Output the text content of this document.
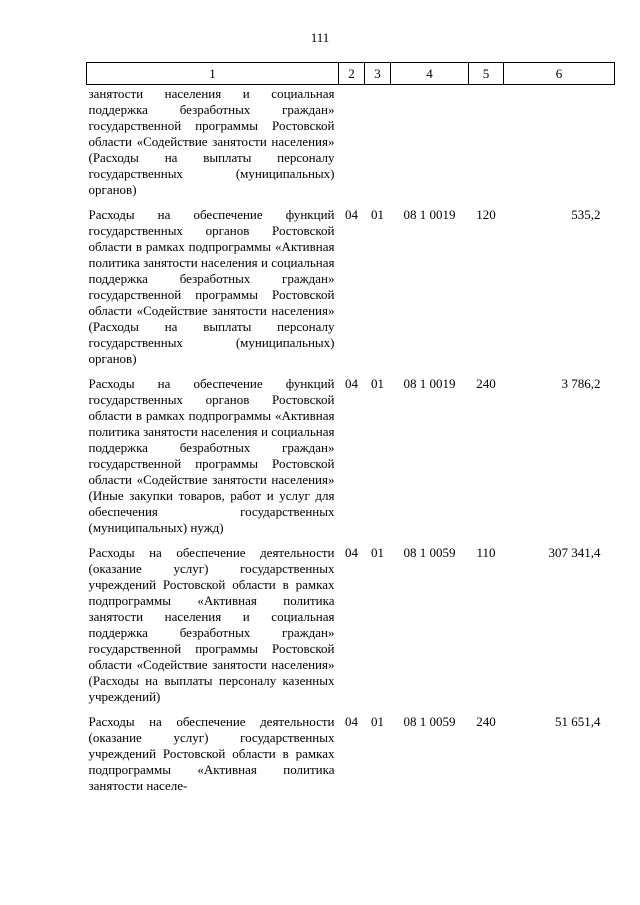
111
1	2	3	4	5	6
занятости населения и социальная поддержка безработных граждан» государственной программы Ростовской области «Содействие занятости населения» (Расходы на выплаты персоналу государственных (муниципальных) органов)					
Расходы на обеспечение функций государственных органов Ростовской области в рамках подпрограммы «Активная политика занятости населения и социальная поддержка безработных граждан» государственной программы Ростовской области «Содействие занятости населения» (Расходы на выплаты персоналу государственных (муниципальных) органов)	04	01	08 1 0019	120	535,2
Расходы на обеспечение функций государственных органов Ростовской области в рамках подпрограммы «Активная политика занятости населения и социальная поддержка безработных граждан» государственной программы Ростовской области «Содействие занятости населения» (Иные закупки товаров, работ и услуг для обеспечения государственных (муниципальных) нужд)	04	01	08 1 0019	240	3 786,2
Расходы на обеспечение деятельности (оказание услуг) государственных учреждений Ростовской области в рамках подпрограммы «Активная политика занятости населения и социальная поддержка безработных граждан» государственной программы Ростовской области «Содействие занятости населения» (Расходы на выплаты персоналу казенных учреждений)	04	01	08 1 0059	110	307 341,4
Расходы на обеспечение деятельности (оказание услуг) государственных учреждений Ростовской области в рамках подпрограммы «Активная политика занятости населе-	04	01	08 1 0059	240	51 651,4
